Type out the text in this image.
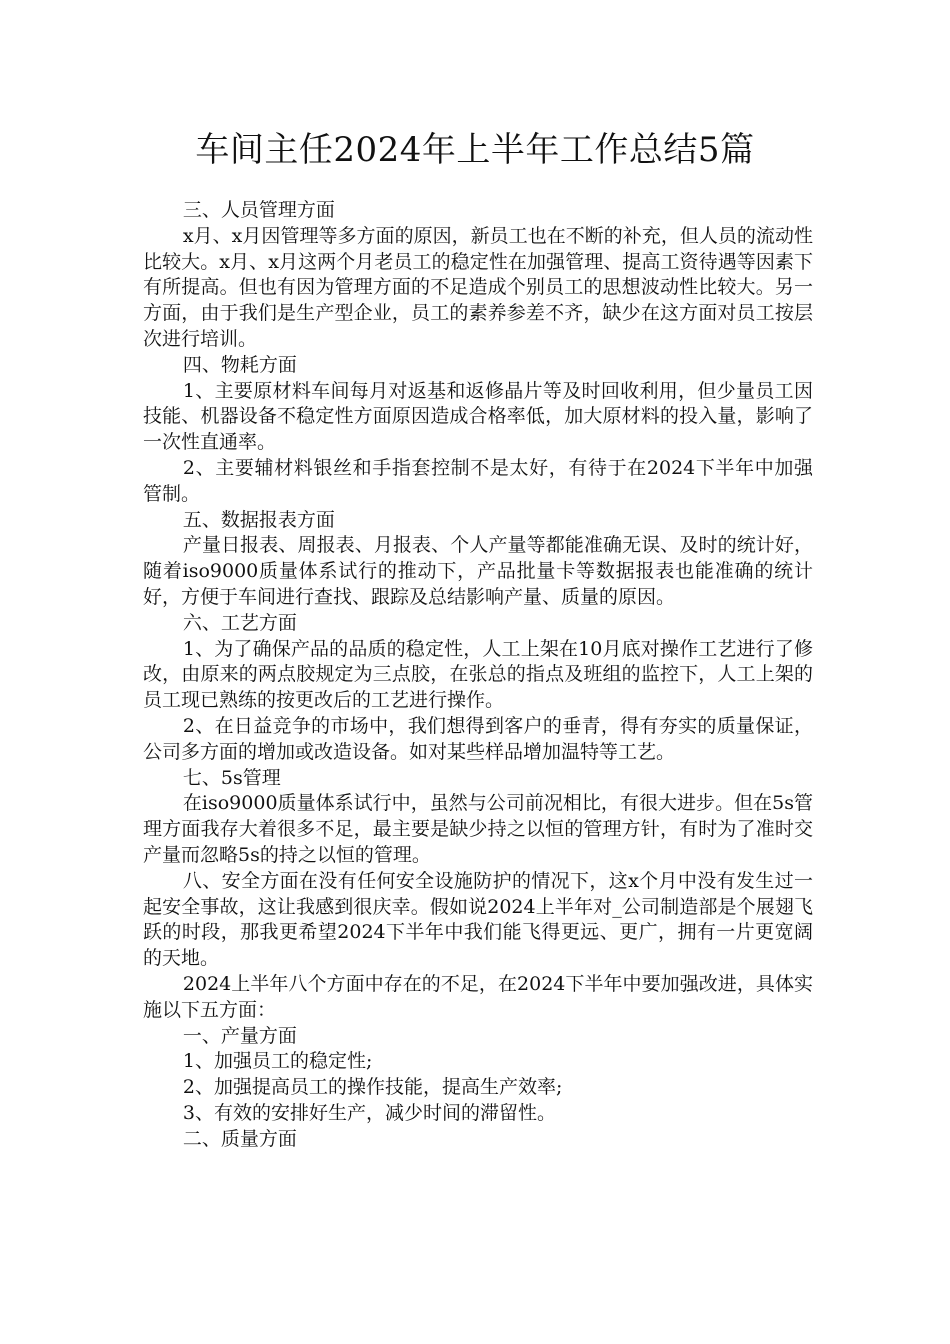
车间主任2024年上半年工作总结5篇

三、人员管理方面

x月、x月因管理等多方面的原因，新员工也在不断的补充，但人员的流动性比较大。x月、x月这两个月老员工的稳定性在加强管理、提高工资待遇等因素下有所提高。但也有因为管理方面的不足造成个别员工的思想波动性比较大。另一方面，由于我们是生产型企业，员工的素养参差不齐，缺少在这方面对员工按层次进行培训。

四、物耗方面

1、主要原材料车间每月对返基和返修晶片等及时回收利用，但少量员工因技能、机器设备不稳定性方面原因造成合格率低，加大原材料的投入量，影响了一次性直通率。

2、主要辅材料银丝和手指套控制不是太好，有待于在2024下半年中加强管制。

五、数据报表方面

产量日报表、周报表、月报表、个人产量等都能准确无误、及时的统计好，随着iso9000质量体系试行的推动下，产品批量卡等数据报表也能准确的统计好，方便于车间进行查找、跟踪及总结影响产量、质量的原因。

六、工艺方面

1、为了确保产品的品质的稳定性，人工上架在10月底对操作工艺进行了修改，由原来的两点胶规定为三点胶，在张总的指点及班组的监控下，人工上架的员工现已熟练的按更改后的工艺进行操作。

2、在日益竞争的市场中，我们想得到客户的垂青，得有夯实的质量保证，公司多方面的增加或改造设备。如对某些样品增加温特等工艺。

七、5s管理

在iso9000质量体系试行中，虽然与公司前况相比，有很大进步。但在5s管理方面我存大着很多不足，最主要是缺少持之以恒的管理方针，有时为了准时交产量而忽略5s的持之以恒的管理。

八、安全方面在没有任何安全设施防护的情况下，这x个月中没有发生过一起安全事故，这让我感到很庆幸。假如说2024上半年对_公司制造部是个展翅飞跃的时段，那我更希望2024下半年中我们能飞得更远、更广，拥有一片更宽阔的天地。

2024上半年八个方面中存在的不足，在2024下半年中要加强改进，具体实施以下五方面：

一、产量方面

1、加强员工的稳定性;

2、加强提高员工的操作技能，提高生产效率;

3、有效的安排好生产，减少时间的滞留性。

二、质量方面
